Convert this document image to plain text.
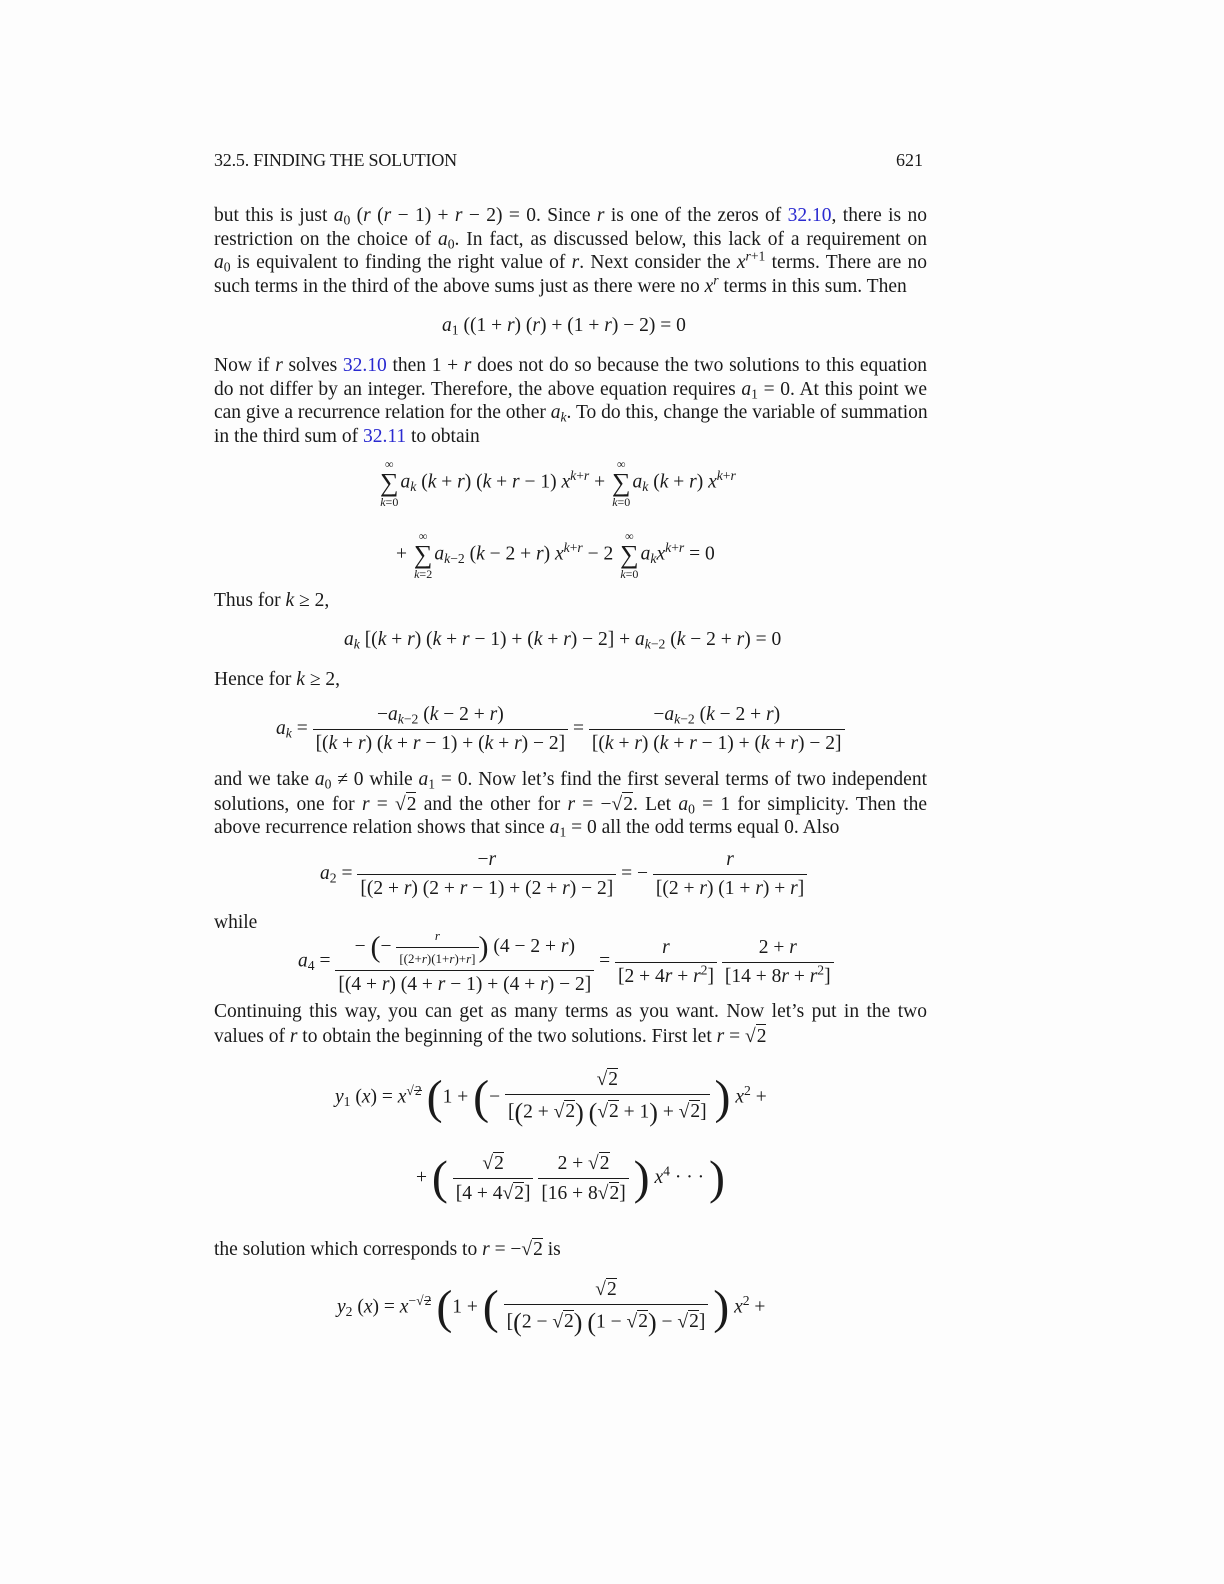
32.5. FINDING THE SOLUTION	621
but this is just $a_0$ (r (r − 1) + r − 2) = 0. Since r is one of the zeros of 32.10, there is no
restriction on the choice of $a_0$. In fact, as discussed below, this lack of a requirement on
$a_0$ is equivalent to finding the right value of r. Next consider the $x^{r+1}$ terms. There are no
such terms in the third of the above sums just as there were no $x^r$ terms in this sum. Then
$a_1$ ((1 + r) (r) + (1 + r) − 2) = 0
Now if r solves 32.10 then 1 + r does not do so because the two solutions to this equation
do not differ by an integer. Therefore, the above equation requires $a_1 = 0$. At this point we
can give a recurrence relation for the other $a_k$. To do this, change the variable of summation
in the third sum of 32.11 to obtain
∞
∑
k=0
$a_k$ (k + r) (k + r − 1) $x^{k+r}$ +
∞
∑
k=0
$a_k$ (k + r) $x^{k+r}$
+
∞
∑
k=2
$a_{k-2}$ (k − 2 + r) $x^{k+r} - 2$
∞
∑
k=0
$a_kx^{k+r} = 0$
Thus for k ≥ 2,
$a_k$ [(k + r) $(k + r - 1) + (k + r) - 2] + a_{k-2}$ (k − 2 + r) = 0
Hence for k ≥ 2,
$a_k = \frac{-a_{k-2} (k - 2 + r)}{[(k + r) (k + r - 1) + (k + r) - 2]} = \frac{-a_{k-2} (k - 2 + r)}{[(k + r) (k + r - 1) + (k + r) - 2]}$
and we take $a_0 \ne 0$ while $a_1 = 0$. Now let’s find the first several terms of two independent
solutions, one for r = √2 and the other for r = −√2. Let $a_0 = 1$ for simplicity. Then the
above recurrence relation shows that since $a_1 = 0$ all the odd terms equal 0. Also
$a_2 = \frac{-r}{[(2 + r) (2 + r - 1) + (2 + r) - 2]}$ = − $\frac{r}{[(2 + r) (1 + r) + r]}$
while
$a_4 = \frac{- (- \frac{r}{[(2+r)(1+r)+r]} ) (4 - 2 + r)}{[(4 + r) (4 + r - 1) + (4 + r) - 2]} = \frac{r}{[2 + 4r + r^2]}$
$\frac{2 + r}{[14 + 8r + r^2]}$
Continuing this way, you can get as many terms as you want. Now let’s put in the two
values of r to obtain the beginning of the two solutions. First let r = √2
$y_1$ $(x) = x^{√2}$ (1 + (− $\frac{√2}{[(2 + √2) (√2 + 1) + √2]}$ ) $x^2$ +
+ ( $\frac{√2}{[4 + 4√2]}$
$\frac{2 + √2}{[16 + 8√2]}$ ) $x^4$ · · · )
the solution which corresponds to r = −√2 is
$y_2$ $(x) = x^{-√2}$ (1 + ( $\frac{√2}{[(2 - √2) (1 - √2) - √2]}$ ) $x^2$ +
